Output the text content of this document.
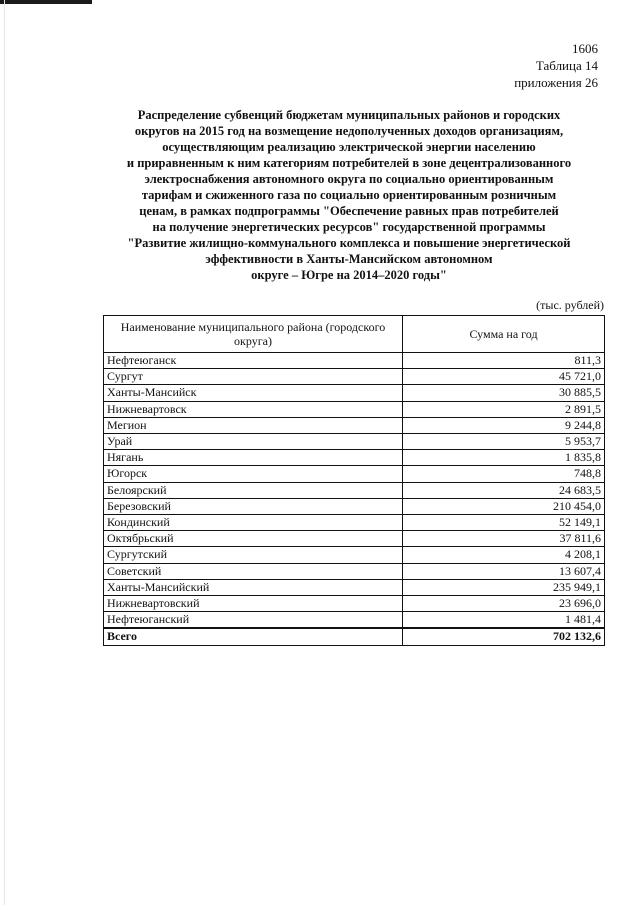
1606
Таблица 14
приложения 26
Распределение субвенций бюджетам муниципальных районов и городских
округов на 2015 год на возмещение недополученных доходов организациям,
осуществляющим реализацию электрической энергии населению
и приравненным к ним категориям потребителей в зоне децентрализованного
электроснабжения автономного округа по социально ориентированным
тарифам и сжиженного газа по социально ориентированным розничным
ценам, в рамках подпрограммы "Обеспечение равных прав потребителей
на получение энергетических ресурсов" государственной программы
"Развитие жилищно-коммунального комплекса и повышение энергетической
эффективности в Ханты-Мансийском автономном
округе – Югре на 2014–2020 годы"
(тыс. рублей)
Наименование муниципального района (городского округа)	Сумма на год
Нефтеюганск	811,3
Сургут	45 721,0
Ханты-Мансийск	30 885,5
Нижневартовск	2 891,5
Мегион	9 244,8
Урай	5 953,7
Нягань	1 835,8
Югорск	748,8
Белоярский	24 683,5
Березовский	210 454,0
Кондинский	52 149,1
Октябрьский	37 811,6
Сургутский	4 208,1
Советский	13 607,4
Ханты-Мансийский	235 949,1
Нижневартовский	23 696,0
Нефтеюганский	1 481,4
Всего	702 132,6
